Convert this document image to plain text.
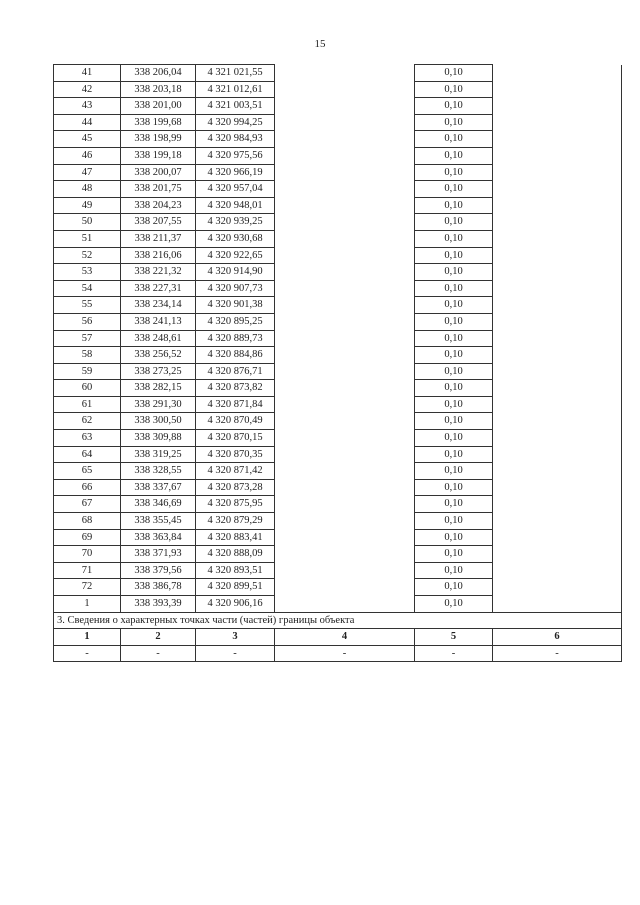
15
41	338 206,04	4 321 021,55		0,10	
42	338 203,18	4 321 012,61		0,10	
43	338 201,00	4 321 003,51		0,10	
44	338 199,68	4 320 994,25		0,10	
45	338 198,99	4 320 984,93		0,10	
46	338 199,18	4 320 975,56		0,10	
47	338 200,07	4 320 966,19		0,10	
48	338 201,75	4 320 957,04		0,10	
49	338 204,23	4 320 948,01		0,10	
50	338 207,55	4 320 939,25		0,10	
51	338 211,37	4 320 930,68		0,10	
52	338 216,06	4 320 922,65		0,10	
53	338 221,32	4 320 914,90		0,10	
54	338 227,31	4 320 907,73		0,10	
55	338 234,14	4 320 901,38		0,10	
56	338 241,13	4 320 895,25		0,10	
57	338 248,61	4 320 889,73		0,10	
58	338 256,52	4 320 884,86		0,10	
59	338 273,25	4 320 876,71		0,10	
60	338 282,15	4 320 873,82		0,10	
61	338 291,30	4 320 871,84		0,10	
62	338 300,50	4 320 870,49		0,10	
63	338 309,88	4 320 870,15		0,10	
64	338 319,25	4 320 870,35		0,10	
65	338 328,55	4 320 871,42		0,10	
66	338 337,67	4 320 873,28		0,10	
67	338 346,69	4 320 875,95		0,10	
68	338 355,45	4 320 879,29		0,10	
69	338 363,84	4 320 883,41		0,10	
70	338 371,93	4 320 888,09		0,10	
71	338 379,56	4 320 893,51		0,10	
72	338 386,78	4 320 899,51		0,10	
1	338 393,39	4 320 906,16		0,10	
3. Сведения о характерных точках части (частей) границы объекта					
1	2	3	4	5	6
-	-	-	-	-	-
